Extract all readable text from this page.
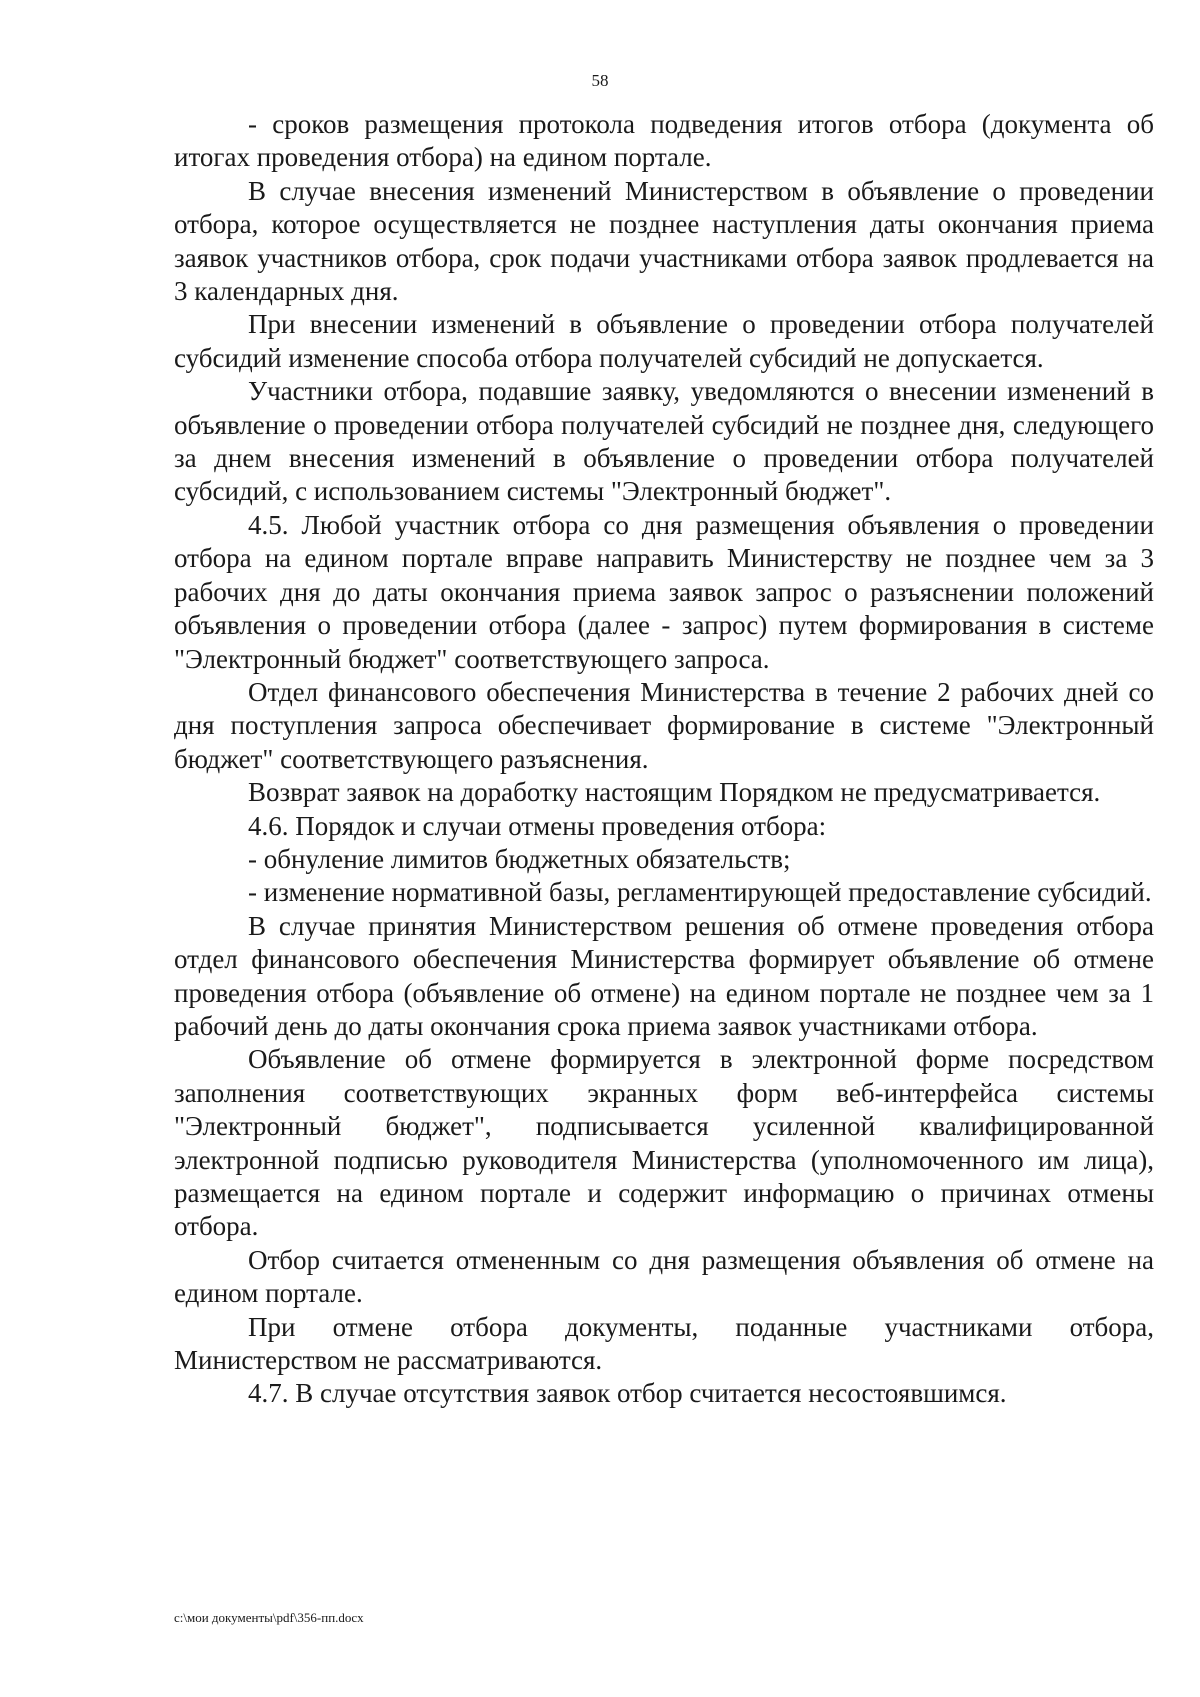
58

- сроков размещения протокола подведения итогов отбора (документа об итогах проведения отбора) на едином портале.

В случае внесения изменений Министерством в объявление о проведении отбора, которое осуществляется не позднее наступления даты окончания приема заявок участников отбора, срок подачи участниками отбора заявок продлевается на 3 календарных дня.

При внесении изменений в объявление о проведении отбора получателей субсидий изменение способа отбора получателей субсидий не допускается.

Участники отбора, подавшие заявку, уведомляются о внесении изменений в объявление о проведении отбора получателей субсидий не позднее дня, следующего за днем внесения изменений в объявление о проведении отбора получателей субсидий, с использованием системы "Электронный бюджет".

4.5. Любой участник отбора со дня размещения объявления о проведении отбора на едином портале вправе направить Министерству не позднее чем за 3 рабочих дня до даты окончания приема заявок запрос о разъяснении положений объявления о проведении отбора (далее - запрос) путем формирования в системе "Электронный бюджет" соответствующего запроса.

Отдел финансового обеспечения Министерства в течение 2 рабочих дней со дня поступления запроса обеспечивает формирование в системе "Электронный бюджет" соответствующего разъяснения.

Возврат заявок на доработку настоящим Порядком не предусматривается.

4.6. Порядок и случаи отмены проведения отбора:

- обнуление лимитов бюджетных обязательств;

- изменение нормативной базы, регламентирующей предоставление субсидий.

В случае принятия Министерством решения об отмене проведения отбора отдел финансового обеспечения Министерства формирует объявление об отмене проведения отбора (объявление об отмене) на едином портале не позднее чем за 1 рабочий день до даты окончания срока приема заявок участниками отбора.

Объявление об отмене формируется в электронной форме посредством заполнения соответствующих экранных форм веб-интерфейса системы "Электронный бюджет", подписывается усиленной квалифицированной электронной подписью руководителя Министерства (уполномоченного им лица), размещается на едином портале и содержит информацию о причинах отмены отбора.

Отбор считается отмененным со дня размещения объявления об отмене на едином портале.

При отмене отбора документы, поданные участниками отбора, Министерством не рассматриваются.

4.7. В случае отсутствия заявок отбор считается несостоявшимся.

c:\мои документы\pdf\356-пп.docx
